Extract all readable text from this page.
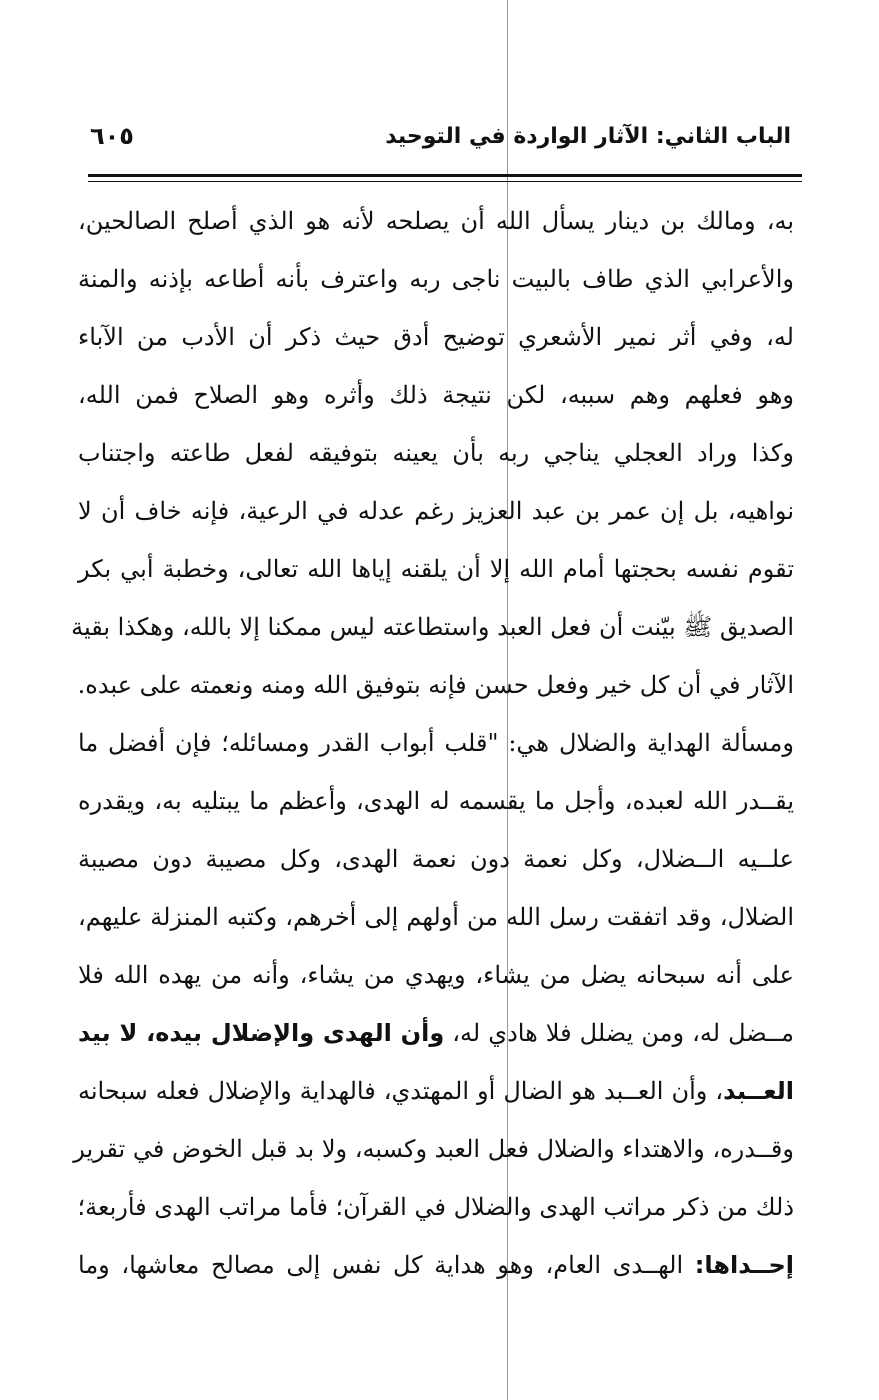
الباب الثاني: الآثار الواردة في التوحيد
٦٠٥
به، ومالك بن دينار يسأل الله أن يصلحه لأنه هو الذي أصلح الصالحين،
والأعرابي الذي طاف بالبيت ناجى ربه واعترف بأنه أطاعه بإذنه والمنة
له، وفي أثر نمير الأشعري توضيح أدق حيث ذكر أن الأدب من الآباء
وهو فعلهم وهم سببه، لكن نتيجة ذلك وأثره وهو الصلاح فمن الله،
وكذا وراد العجلي يناجي ربه بأن يعينه بتوفيقه لفعل طاعته واجتناب
نواهيه، بل إن عمر بن عبد العزيز رغم عدله في الرعية، فإنه خاف أن لا
تقوم نفسه بحجتها أمام الله إلا أن يلقنه إياها الله تعالى، وخطبة أبي بكر
الصديق ﷺ بيّنت أن فعل العبد واستطاعته ليس ممكنا إلا بالله، وهكذا بقية
الآثار في أن كل خير وفعل حسن فإنه بتوفيق الله ومنه ونعمته على عبده.
ومسألة الهداية والضلال هي: "قلب أبواب القدر ومسائله؛ فإن أفضل ما
يقــدر الله لعبده، وأجل ما يقسمه له الهدى، وأعظم ما يبتليه به، ويقدره
علــيه الــضلال، وكل نعمة دون نعمة الهدى، وكل مصيبة دون مصيبة
الضلال، وقد اتفقت رسل الله من أولهم إلى أخرهم، وكتبه المنزلة عليهم،
على أنه سبحانه يضل من يشاء، ويهدي من يشاء، وأنه من يهده الله فلا
مــضل له، ومن يضلل فلا هادي له، وأن الهدى والإضلال بيده، لا بيد
العــبد، وأن العــبد هو الضال أو المهتدي، فالهداية والإضلال فعله سبحانه
وقــدره، والاهتداء والضلال فعل العبد وكسبه، ولا بد قبل الخوض في تقرير
ذلك من ذكر مراتب الهدى والضلال في القرآن؛ فأما مراتب الهدى فأربعة؛
إحــداها: الهــدى العام، وهو هداية كل نفس إلى مصالح معاشها، وما
